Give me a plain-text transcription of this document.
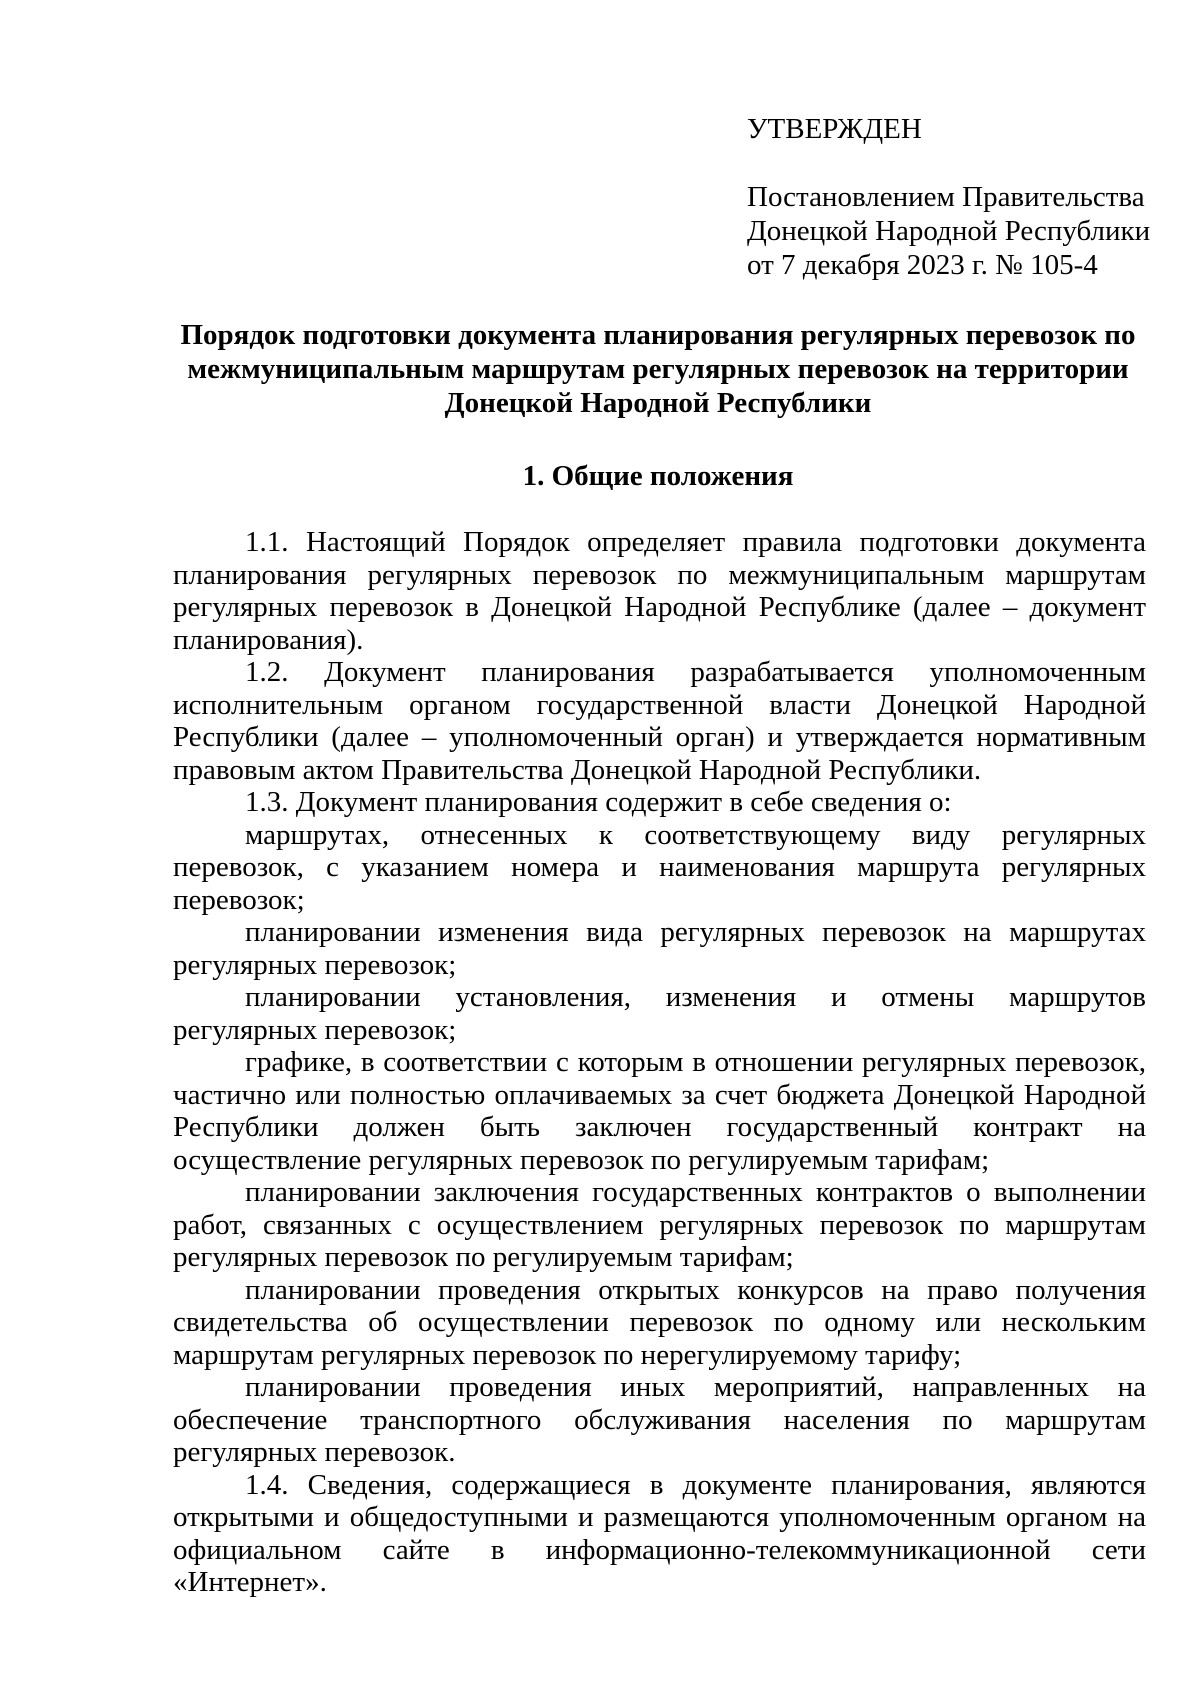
УТВЕРЖДЕН
Постановлением Правительства
Донецкой Народной Республики
от 7 декабря 2023 г. № 105-4
Порядок подготовки документа планирования регулярных перевозок по межмуниципальным маршрутам регулярных перевозок на территории Донецкой Народной Республики
1. Общие положения

1.1. Настоящий Порядок определяет правила подготовки документа планирования регулярных перевозок по межмуниципальным маршрутам регулярных перевозок в Донецкой Народной Республике (далее – документ планирования).

1.2. Документ планирования разрабатывается уполномоченным исполнительным органом государственной власти Донецкой Народной Республики (далее – уполномоченный орган) и утверждается нормативным правовым актом Правительства Донецкой Народной Республики.

1.3. Документ планирования содержит в себе сведения о:

маршрутах, отнесенных к соответствующему виду регулярных перевозок, с указанием номера и наименования маршрута регулярных перевозок;

планировании изменения вида регулярных перевозок на маршрутах регулярных перевозок;

планировании установления, изменения и отмены маршрутов регулярных перевозок;

графике, в соответствии с которым в отношении регулярных перевозок, частично или полностью оплачиваемых за счет бюджета Донецкой Народной Республики должен быть заключен государственный контракт на осуществление регулярных перевозок по регулируемым тарифам;

планировании заключения государственных контрактов о выполнении работ, связанных с осуществлением регулярных перевозок по маршрутам регулярных перевозок по регулируемым тарифам;

планировании проведения открытых конкурсов на право получения свидетельства об осуществлении перевозок по одному или нескольким маршрутам регулярных перевозок по нерегулируемому тарифу;

планировании проведения иных мероприятий, направленных на обеспечение транспортного обслуживания населения по маршрутам регулярных перевозок.

1.4. Сведения, содержащиеся в документе планирования, являются открытыми и общедоступными и размещаются уполномоченным органом на официальном сайте в информационно-телекоммуникационной сети «Интернет».
